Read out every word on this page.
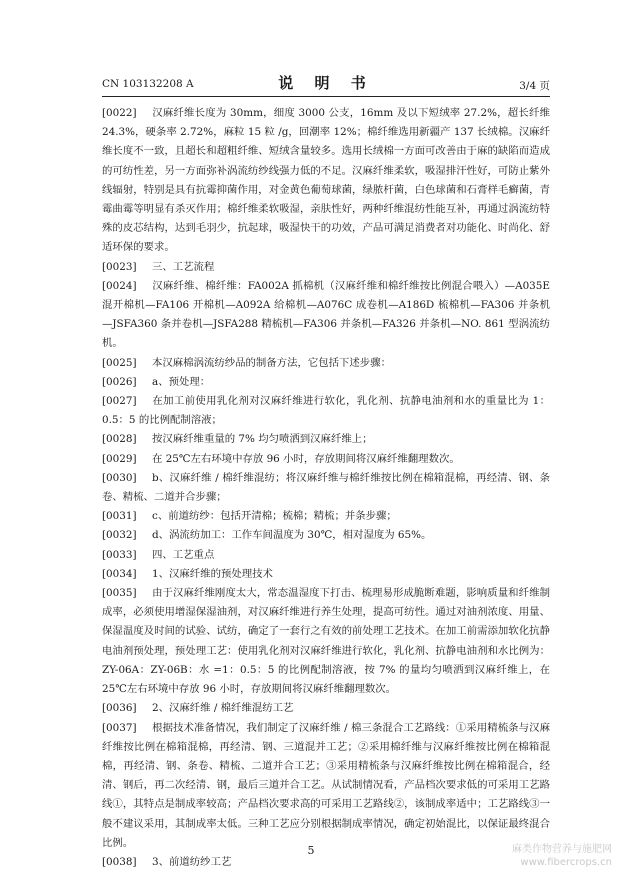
CN 103132208 A	说 明 书	3/4 页

[0022] 汉麻纤维长度为 30mm，细度 3000 公支，16mm 及以下短绒率 27.2%，超长纤维 24.3%，硬条率 2.72%，麻粒 15 粒 /g，回潮率 12%；棉纤维选用新疆产 137 长绒棉。汉麻纤维长度不一致，且超长和超粗纤维、短绒含量较多。选用长绒棉一方面可改善由于麻的缺陷而造成的可纺性差，另一方面弥补涡流纺纱线强力低的不足。汉麻纤维柔软，吸湿排汗性好，可防止紫外线辐射，特别是具有抗霉抑菌作用，对金黄色葡萄球菌，绿脓杆菌，白色球菌和石膏样毛癣菌，青霉曲霉等明显有杀灭作用；棉纤维柔软吸湿，亲肤性好，两种纤维混纺性能互补，再通过涡流纺特殊的皮芯结构，达到毛羽少，抗起球，吸湿快干的功效，产品可满足消费者对功能化、时尚化、舒适环保的要求。

[0023] 三、工艺流程

[0024] 汉麻纤维、棉纤维：FA002A 抓棉机（汉麻纤维和棉纤维按比例混合喂入）—A035E 混开棉机—FA106 开棉机—A092A 给棉机—A076C 成卷机—A186D 梳棉机—FA306 并条机—JSFA360 条并卷机—JSFA288 精梳机—FA306 并条机—FA326 并条机—NO. 861 型涡流纺机。

[0025] 本汉麻棉涡流纺纱品的制备方法，它包括下述步骤：

[0026] a、预处理：

[0027] 在加工前使用乳化剂对汉麻纤维进行软化，乳化剂、抗静电油剂和水的重量比为 1：0.5：5 的比例配制溶液；

[0028] 按汉麻纤维重量的 7% 均匀喷洒到汉麻纤维上；

[0029] 在 25℃左右环境中存放 96 小时，存放期间将汉麻纤维翻理数次。

[0030] b、汉麻纤维 / 棉纤维混纺；将汉麻纤维与棉纤维按比例在棉箱混棉，再经清、钢、条卷、精梳、二道并合步骤；

[0031] c、前道纺纱：包括开清棉；梳棉；精梳；并条步骤；

[0032] d、涡流纺加工：工作车间温度为 30℃，相对湿度为 65%。

[0033] 四、工艺重点

[0034] 1、汉麻纤维的预处理技术

[0035] 由于汉麻纤维刚度太大，常态温湿度下打击、梳理易形成脆断难题，影响质量和纤维制成率，必须使用增湿保湿油剂，对汉麻纤维进行养生处理，提高可纺性。通过对油剂浓度、用量、保湿温度及时间的试验、试纺，确定了一套行之有效的前处理工艺技术。在加工前需添加软化抗静电油剂预处理，预处理工艺：使用乳化剂对汉麻纤维进行软化，乳化剂、抗静电油剂和水比例为：ZY-06A：ZY-06B：水 =1：0.5：5 的比例配制溶液，按 7% 的量均匀喷洒到汉麻纤维上，在 25℃左右环境中存放 96 小时，存放期间将汉麻纤维翻理数次。

[0036] 2、汉麻纤维 / 棉纤维混纺工艺

[0037] 根据技术准备情况，我们制定了汉麻纤维 / 棉三条混合工艺路线：①采用精梳条与汉麻纤维按比例在棉箱混棉，再经清、钢、三道混并工艺；②采用棉纤维与汉麻纤维按比例在棉箱混棉，再经清、钢、条卷、精梳、二道并合工艺；③采用精梳条与汉麻纤维按比例在棉箱混合，经清、钢后，再二次经清、钢，最后三道并合工艺。从试制情况看，产品档次要求低的可采用工艺路线①，其特点是制成率较高；产品档次要求高的可采用工艺路线②，该制成率适中；工艺路线③一般不建议采用，其制成率太低。三种工艺应分别根据制成率情况，确定初始混比，以保证最终混合比例。

[0038] 3、前道纺纱工艺

5	麻类作物营养与施肥网
www.fibercrops.cn
